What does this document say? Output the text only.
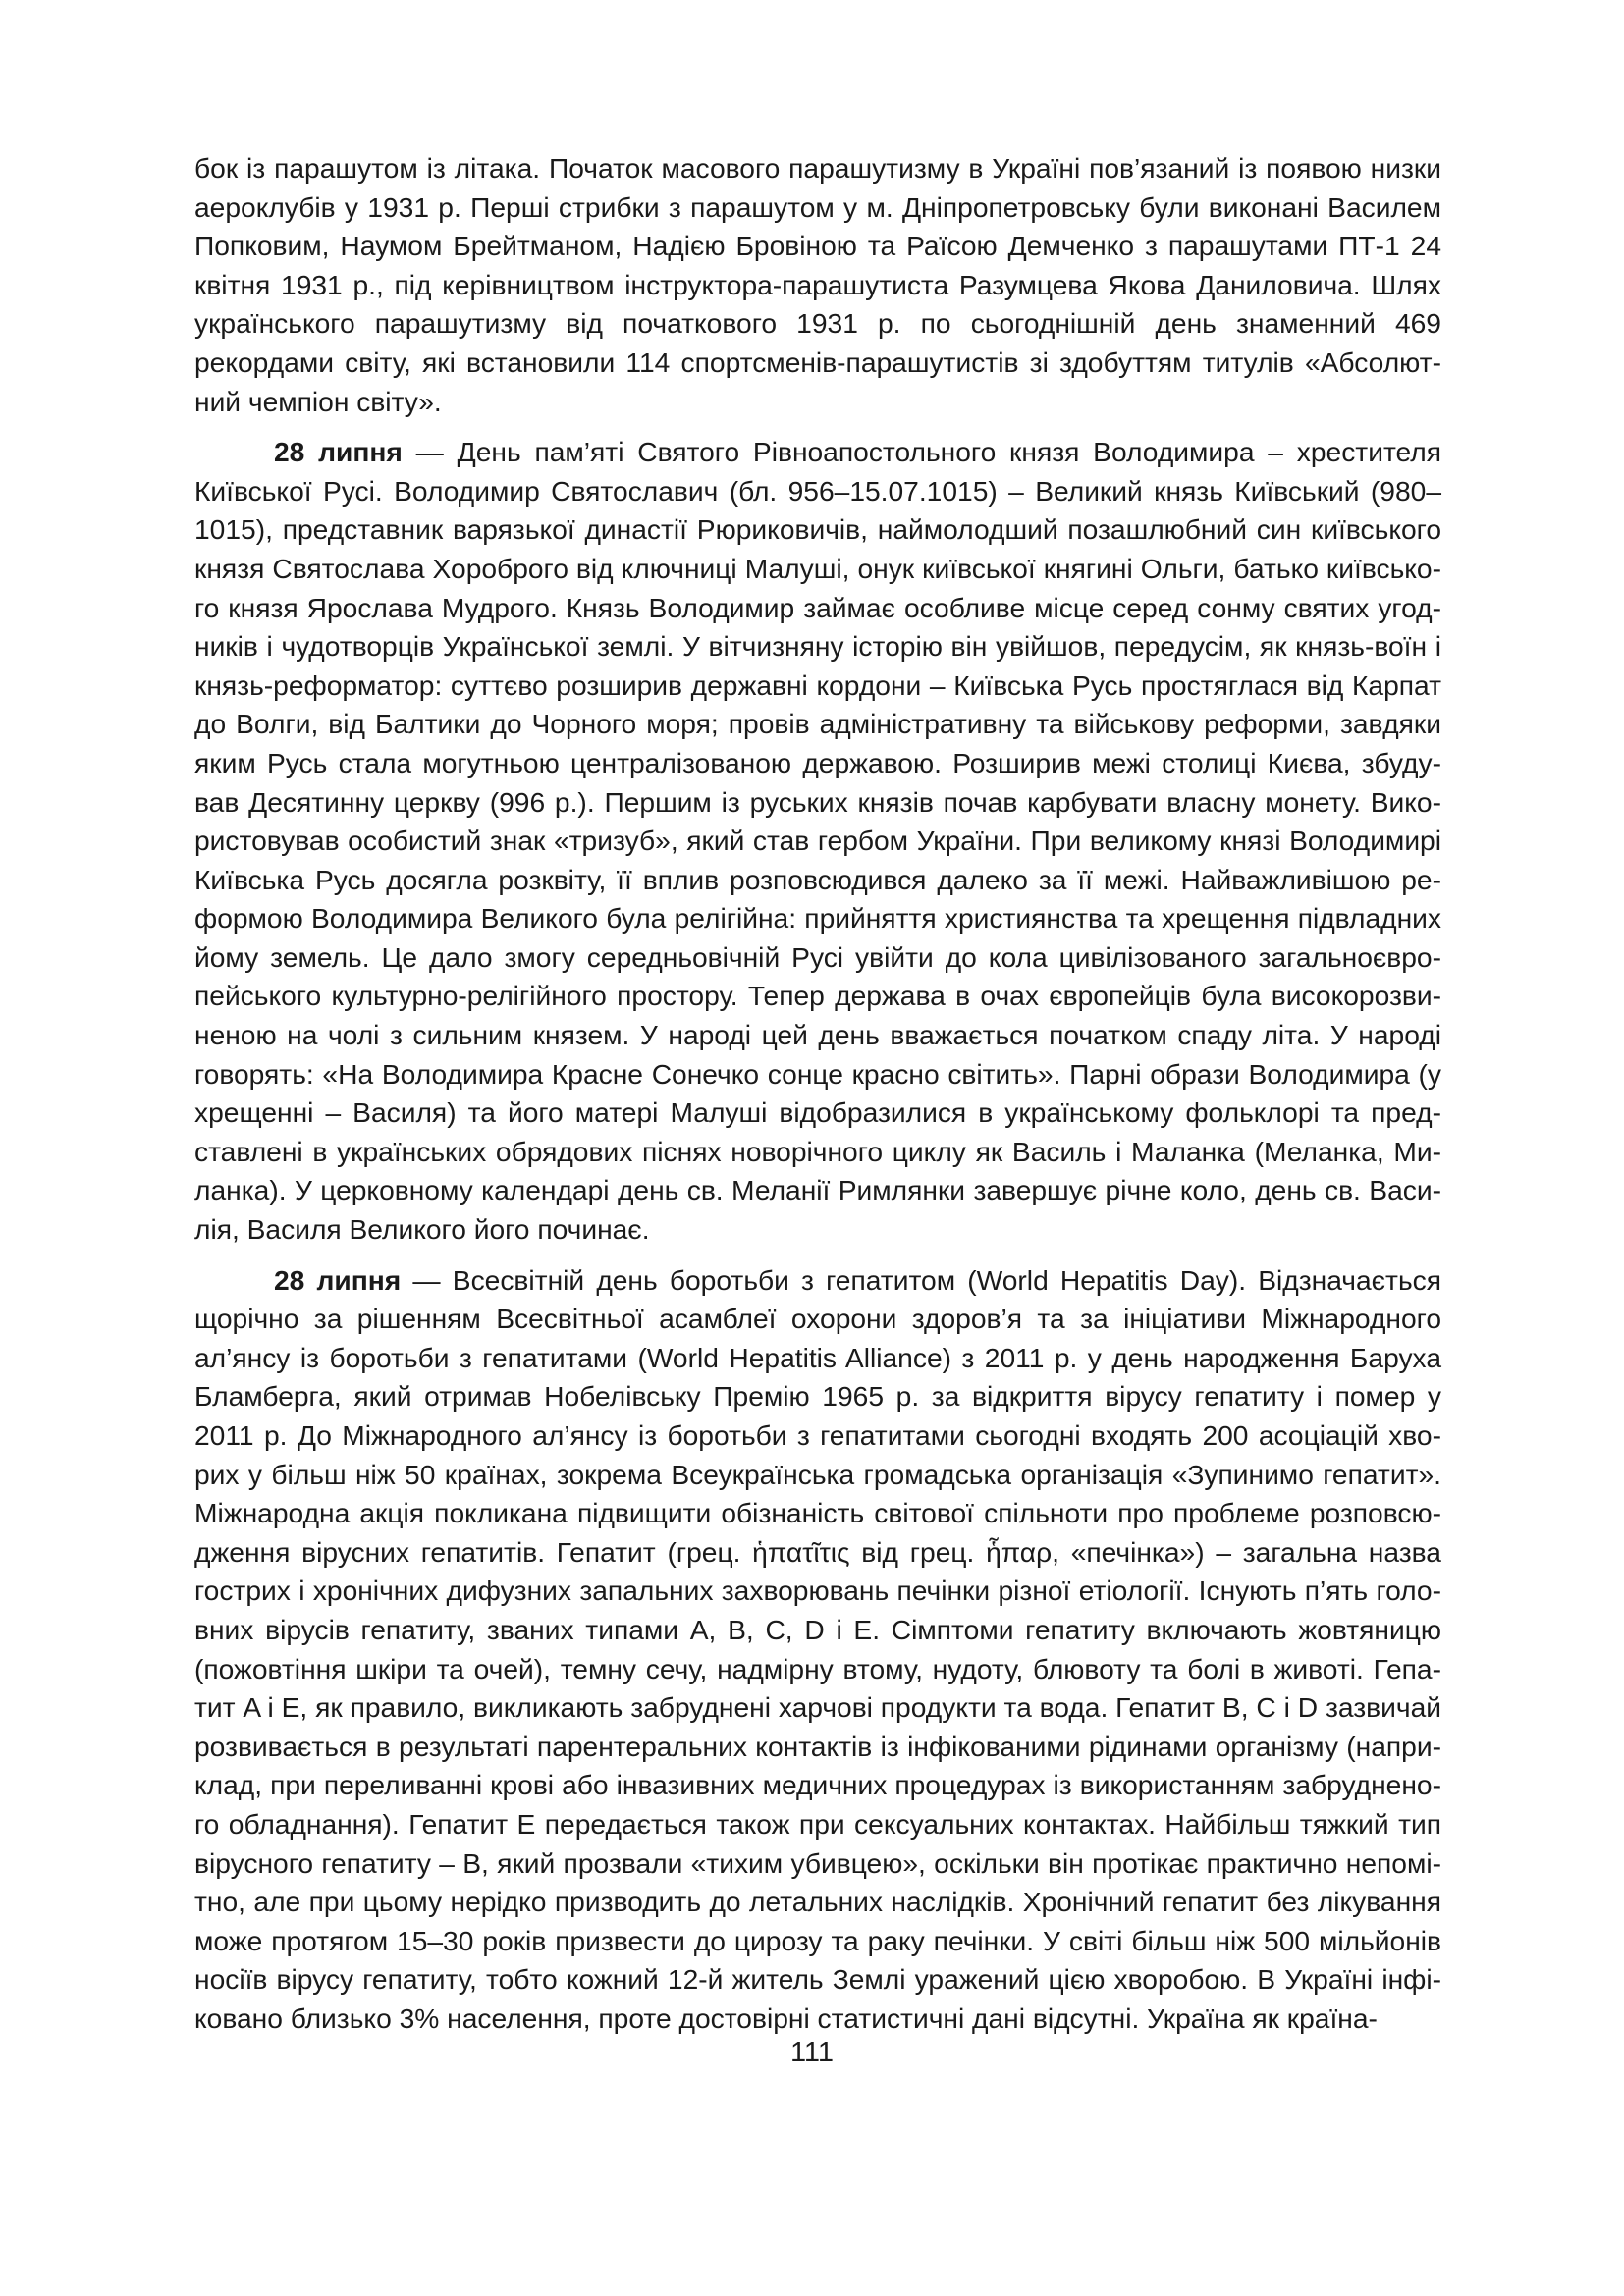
бок із парашутом із літака. Початок масового парашутизму в Україні пов’язаний із появою низки аероклубів у 1931 р. Перші стрибки з парашутом у м. Дніпропетровську були виконані Василем Попковим, Наумом Брейтманом, Надією Бровіною та Раїсою Демченко з парашутами ПТ-1 24 квітня 1931 р., під керівництвом інструктора-парашутиста Разумцева Якова Даниловича. Шлях українського парашутизму від початкового 1931 р. по сьогоднішній день знаменний 469 рекордами світу, які встановили 114 спортсменів-парашутистів зі здобуттям титулів «Абсолютний чемпіон світу».

28 липня — День пам’яті Святого Рівноапостольного князя Володимира – хрестителя Київської Русі. Володимир Святославич (бл. 956–15.07.1015) – Великий князь Київський (980–1015), представник варязької династії Рюриковичів, наймолодший позашлюбний син київського князя Святослава Хороброго від ключниці Малуші, онук київської княгині Ольги, батько київського князя Ярослава Мудрого. Князь Володимир займає особливе місце серед сонму святих угодників і чудотворців Української землі. У вітчизняну історію він увійшов, передусім, як князь-воїн і князь-реформатор: суттєво розширив державні кордони – Київська Русь простяглася від Карпат до Волги, від Балтики до Чорного моря; провів адміністративну та військову реформи, завдяки яким Русь стала могутньою централізованою державою. Розширив межі столиці Києва, збудував Десятинну церкву (996 р.). Першим із руських князів почав карбувати власну монету. Використовував особистий знак «тризуб», який став гербом України. При великому князі Володимирі Київська Русь досягла розквіту, її вплив розповсюдився далеко за її межі. Найважливішою реформою Володимира Великого була релігійна: прийняття християнства та хрещення підвладних йому земель. Це дало змогу середньовічній Русі увійти до кола цивілізованого загальноєвропейського культурно-релігійного простору. Тепер держава в очах європейців була високорозвиненою на чолі з сильним князем. У народі цей день вважається початком спаду літа. У народі говорять: «На Володимира Красне Сонечко сонце красно світить». Парні образи Володимира (у хрещенні – Василя) та його матері Малуші відобразилися в українському фольклорі та представлені в українських обрядових піснях новорічного циклу як Василь і Маланка (Меланка, Миланка). У церковному календарі день св. Меланії Римлянки завершує річне коло, день св. Василія, Василя Великого його починає.

28 липня — Всесвітній день боротьби з гепатитом (World Hepatitis Day). Відзначається щорічно за рішенням Всесвітньої асамблеї охорони здоров’я та за ініціативи Міжнародного ал’янсу із боротьби з гепатитами (World Hepatitis Alliance) з 2011 р. у день народження Баруха Бламберга, який отримав Нобелівську Премію 1965 р. за відкриття вірусу гепатиту і помер у 2011 р. До Міжнародного ал’янсу із боротьби з гепатитами сьогодні входять 200 асоціацій хворих у більш ніж 50 країнах, зокрема Всеукраїнська громадська організація «Зупинимо гепатит». Міжнародна акція покликана підвищити обізнаність світової спільноти про проблеме розповсюдження вірусних гепатитів. Гепатит (грец. ἡπατῖτις від грец. ἧπαρ, «печінка») – загальна назва гострих і хронічних дифузних запальних захворювань печінки різної етіології. Існують п’ять головних вірусів гепатиту, званих типами А, B, C, D і E. Сімптоми гепатиту включають жовтяницю (пожовтіння шкіри та очей), темну сечу, надмірну втому, нудоту, блювоту та болі в животі. Гепатит A і E, як правило, викликають забруднені харчові продукти та вода. Гепатит B, C і D зазвичай розвивається в результаті парентеральних контактів із інфікованими рідинами організму (наприклад, при переливанні крові або інвазивних медичних процедурах із використанням забрудненого обладнання). Гепатит E передається також при сексуальних контактах. Найбільш тяжкий тип вірусного гепатиту – В, який прозвали «тихим убивцею», оскільки він протікає практично непомітно, але при цьому нерідко призводить до летальних наслідків. Хронічний гепатит без лікування може протягом 15–30 років призвести до цирозу та раку печінки. У світі більш ніж 500 мільйонів носіїв вірусу гепатиту, тобто кожний 12-й житель Землі уражений цією хворобою. В Україні інфіковано близько 3% населення, проте достовірні статистичні дані відсутні. Україна як країна-

111
